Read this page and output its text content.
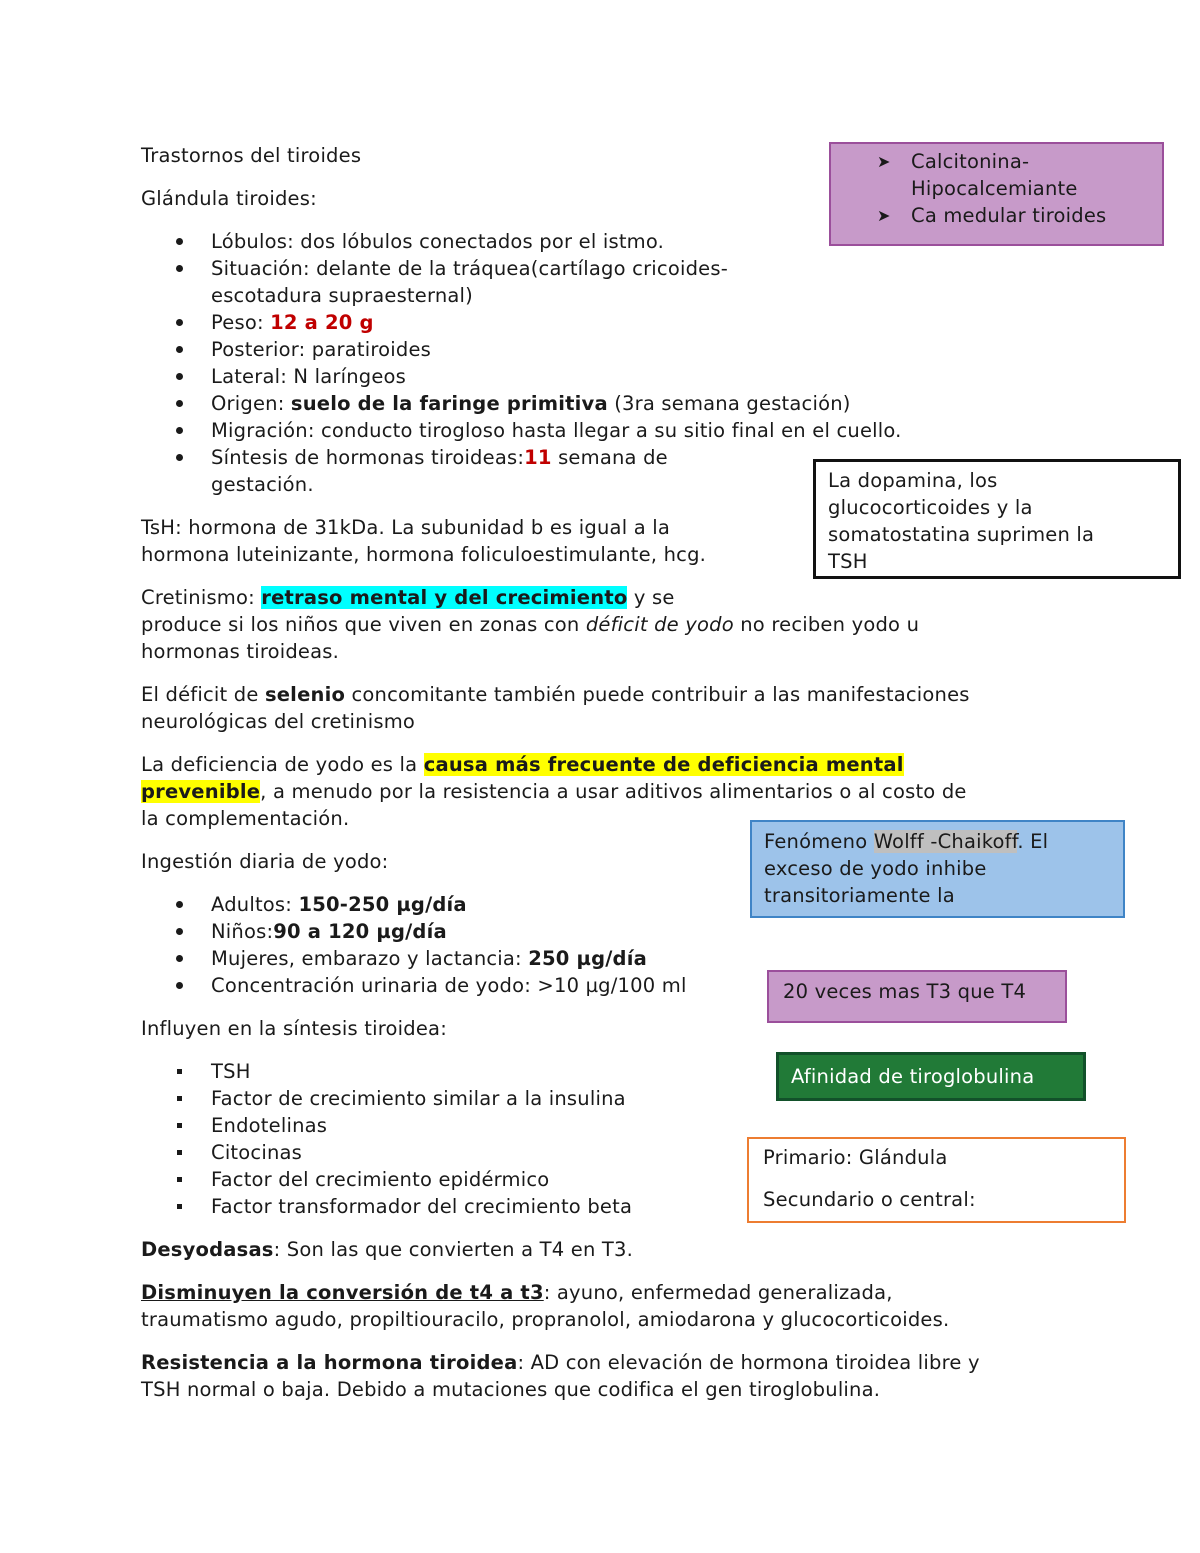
Trastornos del tiroides

Glándula tiroides:

Lóbulos: dos lóbulos conectados por el istmo.
Situación: delante de la tráquea(cartílago cricoides-
escotadura supraesternal)
Peso: 12 a 20 g
Posterior: paratiroides
Lateral: N laríngeos
Origen: suelo de la faringe primitiva (3ra semana gestación)
Migración: conducto tirogloso hasta llegar a su sitio final en el cuello.
Síntesis de hormonas tiroideas:11 semana de
gestación.

TsH: hormona de 31kDa. La subunidad b es igual a la
hormona luteinizante, hormona foliculoestimulante, hcg.

Cretinismo: retraso mental y del crecimiento y se
produce si los niños que viven en zonas con déficit de yodo no reciben yodo u
hormonas tiroideas.

El déficit de selenio concomitante también puede contribuir a las manifestaciones
neurológicas del cretinismo

La deficiencia de yodo es la causa más frecuente de deficiencia mental
prevenible, a menudo por la resistencia a usar aditivos alimentarios o al costo de
la complementación.

Ingestión diaria de yodo:

Adultos: 150-250 µg/día
Niños:90 a 120 µg/día
Mujeres, embarazo y lactancia: 250 µg/día
Concentración urinaria de yodo: >10 µg/100 ml

Influyen en la síntesis tiroidea:

TSH
Factor de crecimiento similar a la insulina
Endotelinas
Citocinas
Factor del crecimiento epidérmico
Factor transformador del crecimiento beta

Desyodasas: Son las que convierten a T4 en T3.

Disminuyen la conversión de t4 a t3: ayuno, enfermedad generalizada,
traumatismo agudo, propiltiouracilo, propranolol, amiodarona y glucocorticoides.

Resistencia a la hormona tiroidea: AD con elevación de hormona tiroidea libre y
TSH normal o baja. Debido a mutaciones que codifica el gen tiroglobulina.

➤ Calcitonina-
Hipocalcemiante
➤ Ca medular tiroides
La dopamina, los
glucocorticoides y la
somatostatina suprimen la
TSH
Fenómeno Wolff -Chaikoff. El
exceso de yodo inhibe
transitoriamente la
20 veces mas T3 que T4
Afinidad de tiroglobulina
Primario: Glándula

Secundario o central:
